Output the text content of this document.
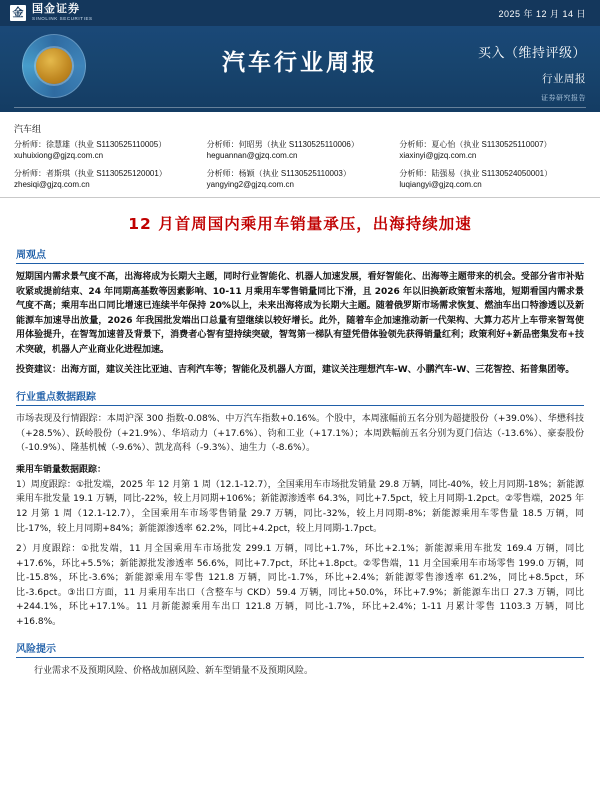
金 国金证券
SINOLINK SECURITIES
2025 年 12 月 14 日
汽车行业周报	买入（维持评级）
行业周报
证券研究报告
汽车组
分析师：徐慧雄（执业 S1130525110005）
xuhuixiong@gjzq.com.cn
分析师：何昭男（执业 S1130525110006）
heguannan@gjzq.com.cn
分析师：夏心怡（执业 S1130525110007）
xiaxinyi@gjzq.com.cn
分析师：者斯琪（执业 S1130525120001）
zhesiqi@gjzq.com.cn
分析师：杨颖（执业 S1130525110003）
yangying2@gjzq.com.cn
分析师：陆强易（执业 S1130524050001）
luqiangyi@gjzq.com.cn
12 月首周国内乘用车销量承压，出海持续加速
周观点

短期国内需求景气度不高，出海将成为长期大主题，同时行业智能化、机器人加速发展，看好智能化、出海等主题带来的机会。受部分省市补贴收紧或提前结束、24 年同期高基数等因素影响、10-11 月乘用车零售销量同比下滑，且 2026 年以旧换新政策暂未落地，短期看国内需求景气度不高；乘用车出口同比增速已连续半年保持 20%以上，未来出海将成为长期大主题。随着俄罗斯市场需求恢复、燃油车出口特渗透以及新能源车加速导出放量，2026 年我国批发端出口总量有望继续以较好增长。此外，随着车企加速推动新一代架构、大算力芯片上车带来智驾使用体验提升，在智驾加速普及背景下，消费者心智有望持续突破，智驾第一梯队有望凭借体验领先获得销量红利；政策利好+新品密集发布+技术突破，机器人产业商业化进程加速。

投资建议：出海方面，建议关注比亚迪、吉利汽车等；智能化及机器人方面，建议关注理想汽车-W、小鹏汽车-W、三花智控、拓普集团等。

行业重点数据跟踪

市场表现及行情跟踪：本周沪深 300 指数-0.08%、中万汽车指数+0.16%。个股中，本周涨幅前五名分别为超捷股份（+39.0%）、华懋科技（+28.5%）、跃岭股份（+21.9%）、华培动力（+17.6%）、钧和工业（+17.1%）；本周跌幅前五名分别为夏门信达（-13.6%）、豪泰股份（-10.9%）、隆基机械（-9.6%）、凯龙高科（-9.3%）、迪生力（-8.6%）。

乘用车销量数据跟踪：

1）周度跟踪：①批发端，2025 年 12 月第 1 周（12.1-12.7），全国乘用车市场批发销量 29.8 万辆，同比-40%，较上月同期-18%；新能源乘用车批发量 19.1 万辆，同比-22%，较上月同期+106%；新能源渗透率 64.3%，同比+7.5pct，较上月同期-1.2pct。②零售端，2025 年 12 月第 1 周（12.1-12.7），全国乘用车市场零售销量 29.7 万辆，同比-32%，较上月同期-8%；新能源乘用车零售量 18.5 万辆，同比-17%，较上月同期+84%；新能源渗透率 62.2%，同比+4.2pct，较上月同期-1.7pct。

2）月度跟踪：①批发端，11 月全国乘用车市场批发 299.1 万辆，同比+1.7%，环比+2.1%；新能源乘用车批发 169.4 万辆，同比+17.6%，环比+5.5%；新能源批发渗透率 56.6%，同比+7.7pct，环比+1.8pct。②零售端，11 月全国乘用车市场零售 199.0 万辆，同比-15.8%，环比-3.6%；新能源乘用车零售 121.8 万辆，同比-1.7%，环比+2.4%；新能源零售渗透率 61.2%，同比+8.5pct，环比-3.6pct。③出口方面，11 月乘用车出口（含整车与 CKD）59.4 万辆，同比+50.0%，环比+7.9%；新能源车出口 27.3 万辆，同比+244.1%，环比+17.1%。11 月新能源乘用车出口 121.8 万辆，同比-1.7%，环比+2.4%；1-11 月累计零售 1103.3 万辆，同比+16.8%。

风险提示

行业需求不及预期风险、价格战加剧风险、新车型销量不及预期风险。
